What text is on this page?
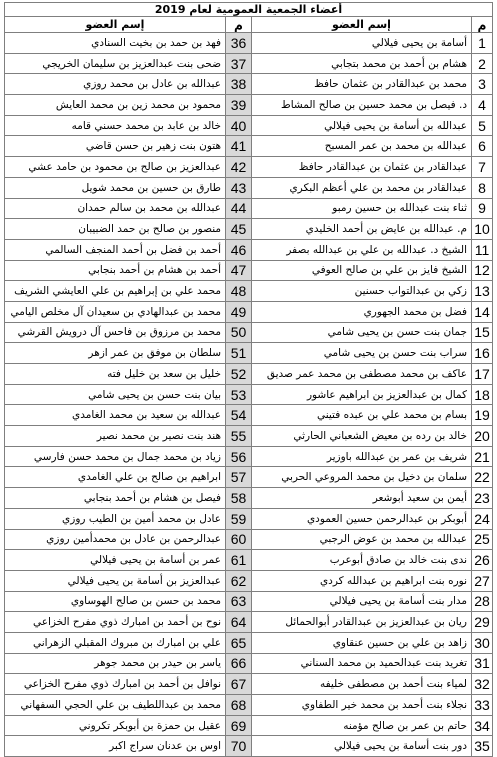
أعضاء الجمعية العمومية لعام 2019			
إسم العضو	م	إسم العضو	م
فهد بن حمد بن بخيت السنادي	36	أسامة بن يحيى فيلالي	1
ضحى بنت عبدالعزيز بن سليمان الخريجي	37	هشام بن أحمد بن محمد بتجابي	2
عبدالله بن عادل بن محمد روزي	38	محمد بن عبدالقادر بن عثمان حافظ	3
محمود بن محمد زين بن محمد العايش	39	د. فيصل بن محمد حسين بن صالح المشاط	4
خالد بن عابد بن محمد حسني قامه	40	عبدالله بن أسامة بن يحيى فيلالي	5
هتون بنت زهير بن حسن قاضي	41	عبدالله بن محمد بن عمر المسبح	6
عبدالعزيز بن صالح بن محمود بن حامد عشي	42	عبدالقادر بن عثمان بن عبدالقادر حافظ	7
طارق بن حسين بن محمد شويل	43	عبدالقادر بن محمد بن علي أعظم البكري	8
عبدالله بن محمد بن سالم حمدان	44	ثناء بنت عبدالله بن حسين رمبو	9
منصور بن صالح بن حمد الضبيبان	45	م. عبدالله بن عايض بن أحمد الخليدي	10
أحمد بن فضل بن أحمد المنجف السالمي	46	الشيخ د. عبدالله بن علي بن عبدالله بصفر	11
أحمد بن هشام بن أحمد بنجابي	47	الشيخ فايز بن علي بن صالح العوفي	12
محمد علي بن إبراهيم بن علي العايشي الشريف	48	زكي بن عبدالتواب حسنين	13
محمد بن عبدالهادي بن سعيدان آل مخلص اليامي	49	فضل بن محمد الجهوري	14
محمد بن مرزوق بن فاحس آل درويش القرشي	50	جمان بنت حسن بن يحيى شامي	15
سلطان بن موفق بن عمر ازهر	51	سراب بنت حسن بن يحيى شامي	16
خليل بن سعد بن خليل فته	52	عاكف بن محمد مصطفى بن محمد عمر صديق	17
بيان بنت حسن بن يحيى شامي	53	كمال بن عبدالعزيز بن ابراهيم عاشور	18
عبدالله بن سعيد بن محمد الغامدي	54	بسام بن محمد علي بن عبده فتيني	19
هند بنت نصير بن محمد نصير	55	خالد بن رده بن معيض الشعباني الحارثي	20
زياد بن محمد جمال بن محمد حسن فارسي	56	شريف بن عمر بن عبدالله باوزير	21
ابراهيم بن صالح بن علي الغامدي	57	سلمان بن دخيل بن محمد المروعي الحربي	22
فيصل بن هشام بن أحمد بنجابي	58	أيمن بن سعيد أبوشعر	23
عادل بن محمد أمين بن الطيب روزي	59	أبوبكر بن عبدالرحمن حسين العمودي	24
عبدالرحمن بن عادل بن محمدأمين روزي	60	عبدالله بن محمد بن عوض الرجبي	25
عمر بن أسامة بن يحيى فيلالي	61	ندى بنت خالد بن صادق أبوعرب	26
عبدالعزيز بن أسامة بن يحيى فيلالي	62	نوره بنت ابراهيم بن عبدالله كردي	27
محمد بن حسن بن صالح الهوساوي	63	مدار بنت أسامة بن يحيى فيلالي	28
نوح بن أحمد بن امبارك ذوي مفرح الخزاعي	64	ريان بن عبدالعزيز بن عبدالقادر أبوالحمائل	29
علي بن امبارك بن مبروك المقبلي الزهراني	65	زاهد بن علي بن حسين عنقاوي	30
ياسر بن حيدر بن محمد جوهر	66	تغريد بنت عبدالحميد بن محمد السناني	31
نوافل بن أحمد بن امبارك ذوي مفرح الخزاعي	67	لمياء بنت أحمد بن مصطفى خليفه	32
محمد بن عبداللطيف بن علي الحجي السفهاني	68	نجلاء بنت أحمد بن محمد خير الطفاوي	33
عقيل بن حمزة بن أبوبكر تكروني	69	حاتم بن عمر بن صالح مؤمنه	34
اوس بن عدنان سراج اكبر	70	دور بنت أسامة بن يحيى فيلالي	35
